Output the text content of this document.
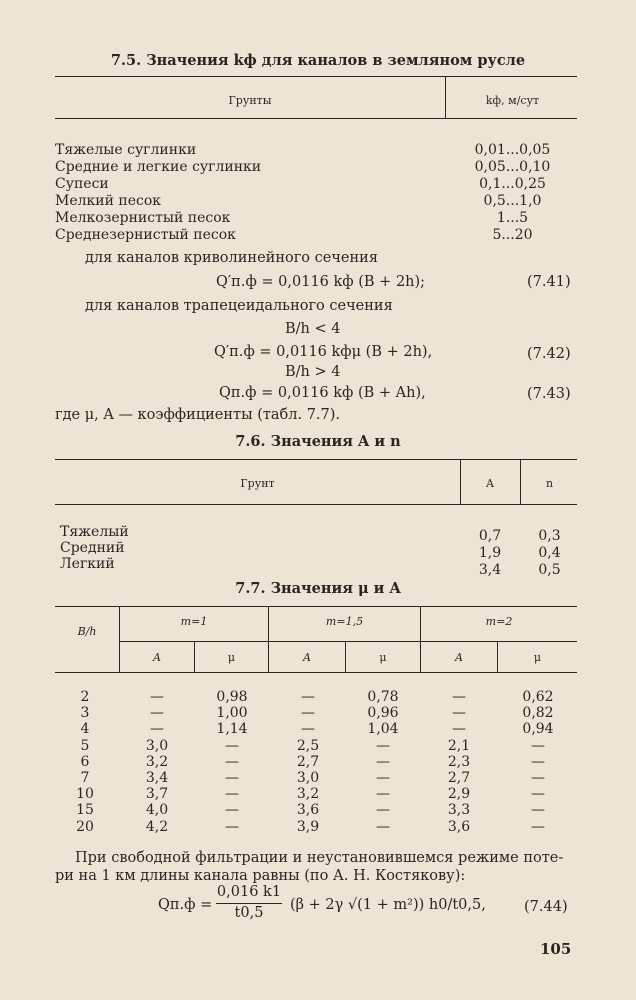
7.5. Значения kф для каналов в земляном русле
Грунты	kф, м/сут
Тяжелые суглинки	0,01...0,05
Средние и легкие суглинки	0,05...0,10
Супеси	0,1...0,25
Мелкий песок	0,5...1,0
Мелкозернистый песок	1...5
Среднезернистый песок	5...20
для каналов криволинейного сечения
Q′п.ф = 0,0116 kф (B + 2h);	(7.41)
для каналов трапецеидального сечения
B/h < 4
Q′п.ф = 0,0116 kфμ (B + 2h),	(7.42)
B/h > 4
Qп.ф = 0,0116 kф (B + Ah),	(7.43)
где μ, A — коэффициенты (табл. 7.7).
7.6. Значения A и n
Грунт	A	n
Тяжелый	0,7	0,3
Средний	1,9	0,4
Легкий	3,4	0,5
7.7. Значения μ и A
B/h
m=1	m=1,5	m=2
A	μ	A	μ	A	μ
2	—	0,98	—	0,78	—	0,62
3	—	1,00	—	0,96	—	0,82
4	—	1,14	—	1,04	—	0,94
5	3,0	—	2,5	—	2,1	—
6	3,2	—	2,7	—	2,3	—
7	3,4	—	3,0	—	2,7	—
10	3,7	—	3,2	—	2,9	—
15	4,0	—	3,6	—	3,3	—
20	4,2	—	3,9	—	3,6	—
При свободной фильтрации и неустановившемся режиме поте-
ри на 1 км длины канала равны (по А. Н. Костякову):
Qп.ф =
0,016 k1
t0,5	(β + 2γ √(1 + m²)) h0/t0,5,	(7.44)
105
